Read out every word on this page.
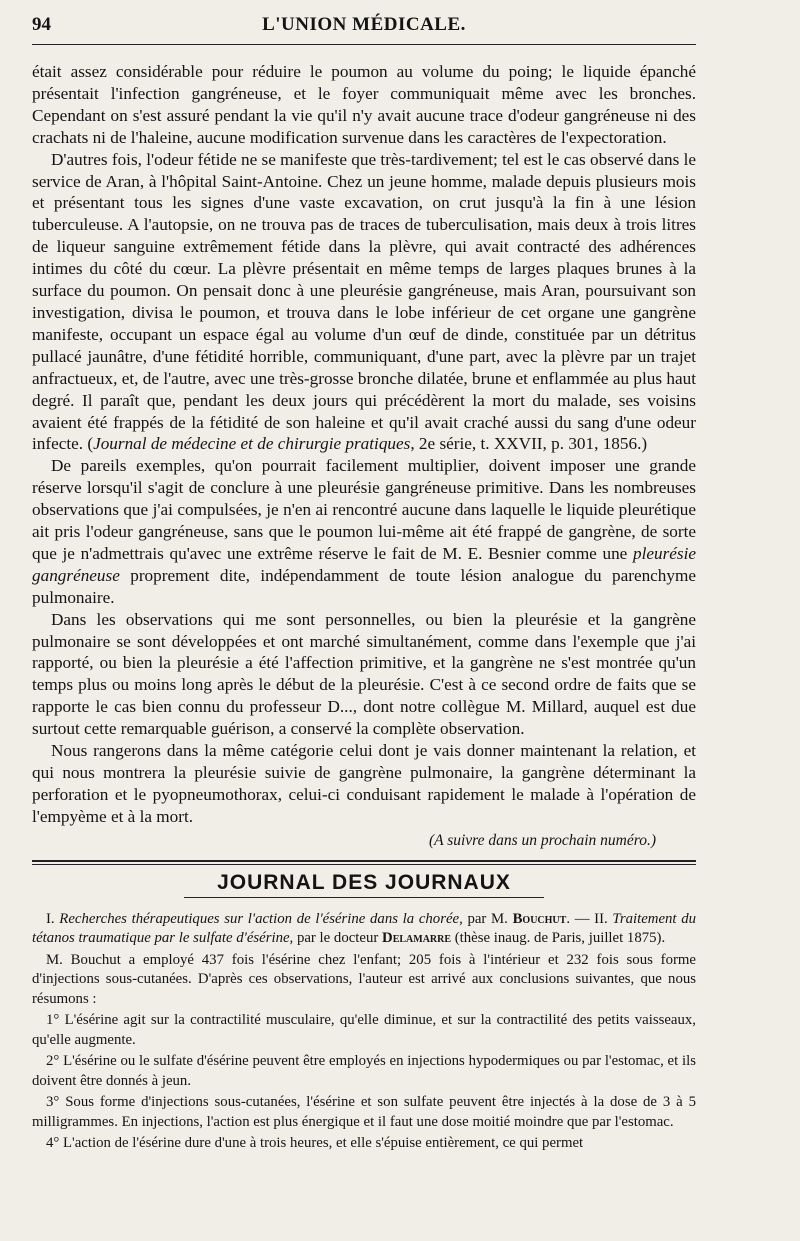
94	L'UNION MÉDICALE.

était assez considérable pour réduire le poumon au volume du poing; le liquide épanché présentait l'infection gangréneuse, et le foyer communiquait même avec les bronches. Cependant on s'est assuré pendant la vie qu'il n'y avait aucune trace d'odeur gangréneuse ni des crachats ni de l'haleine, aucune modification survenue dans les caractères de l'expectoration.

D'autres fois, l'odeur fétide ne se manifeste que très-tardivement; tel est le cas observé dans le service de Aran, à l'hôpital Saint-Antoine. Chez un jeune homme, malade depuis plusieurs mois et présentant tous les signes d'une vaste excavation, on crut jusqu'à la fin à une lésion tuberculeuse. A l'autopsie, on ne trouva pas de traces de tuberculisation, mais deux à trois litres de liqueur sanguine extrêmement fétide dans la plèvre, qui avait contracté des adhérences intimes du côté du cœur. La plèvre présentait en même temps de larges plaques brunes à la surface du poumon. On pensait donc à une pleurésie gangréneuse, mais Aran, poursuivant son investigation, divisa le poumon, et trouva dans le lobe inférieur de cet organe une gangrène manifeste, occupant un espace égal au volume d'un œuf de dinde, constituée par un détritus pullacé jaunâtre, d'une fétidité horrible, communiquant, d'une part, avec la plèvre par un trajet anfractueux, et, de l'autre, avec une très-grosse bronche dilatée, brune et enflammée au plus haut degré. Il paraît que, pendant les deux jours qui précédèrent la mort du malade, ses voisins avaient été frappés de la fétidité de son haleine et qu'il avait craché aussi du sang d'une odeur infecte. (Journal de médecine et de chirurgie pratiques, 2e série, t. XXVII, p. 301, 1856.)

De pareils exemples, qu'on pourrait facilement multiplier, doivent imposer une grande réserve lorsqu'il s'agit de conclure à une pleurésie gangréneuse primitive. Dans les nombreuses observations que j'ai compulsées, je n'en ai rencontré aucune dans laquelle le liquide pleurétique ait pris l'odeur gangréneuse, sans que le poumon lui-même ait été frappé de gangrène, de sorte que je n'admettrais qu'avec une extrême réserve le fait de M. E. Besnier comme une pleurésie gangréneuse proprement dite, indépendamment de toute lésion analogue du parenchyme pulmonaire.

Dans les observations qui me sont personnelles, ou bien la pleurésie et la gangrène pulmonaire se sont développées et ont marché simultanément, comme dans l'exemple que j'ai rapporté, ou bien la pleurésie a été l'affection primitive, et la gangrène ne s'est montrée qu'un temps plus ou moins long après le début de la pleurésie. C'est à ce second ordre de faits que se rapporte le cas bien connu du professeur D..., dont notre collègue M. Millard, auquel est due surtout cette remarquable guérison, a conservé la complète observation.

Nous rangerons dans la même catégorie celui dont je vais donner maintenant la relation, et qui nous montrera la pleurésie suivie de gangrène pulmonaire, la gangrène déterminant la perforation et le pyopneumothorax, celui-ci conduisant rapidement le malade à l'opération de l'empyème et à la mort.

(A suivre dans un prochain numéro.)
JOURNAL DES JOURNAUX

I. Recherches thérapeutiques sur l'action de l'ésérine dans la chorée, par M. Bouchut. — II. Traitement du tétanos traumatique par le sulfate d'ésérine, par le docteur Delamarre (thèse inaug. de Paris, juillet 1875).

M. Bouchut a employé 437 fois l'ésérine chez l'enfant; 205 fois à l'intérieur et 232 fois sous forme d'injections sous-cutanées. D'après ces observations, l'auteur est arrivé aux conclusions suivantes, que nous résumons :

1° L'ésérine agit sur la contractilité musculaire, qu'elle diminue, et sur la contractilité des petits vaisseaux, qu'elle augmente.

2° L'ésérine ou le sulfate d'ésérine peuvent être employés en injections hypodermiques ou par l'estomac, et ils doivent être donnés à jeun.

3° Sous forme d'injections sous-cutanées, l'ésérine et son sulfate peuvent être injectés à la dose de 3 à 5 milligrammes. En injections, l'action est plus énergique et il faut une dose moitié moindre que par l'estomac.

4° L'action de l'ésérine dure d'une à trois heures, et elle s'épuise entièrement, ce qui permet
